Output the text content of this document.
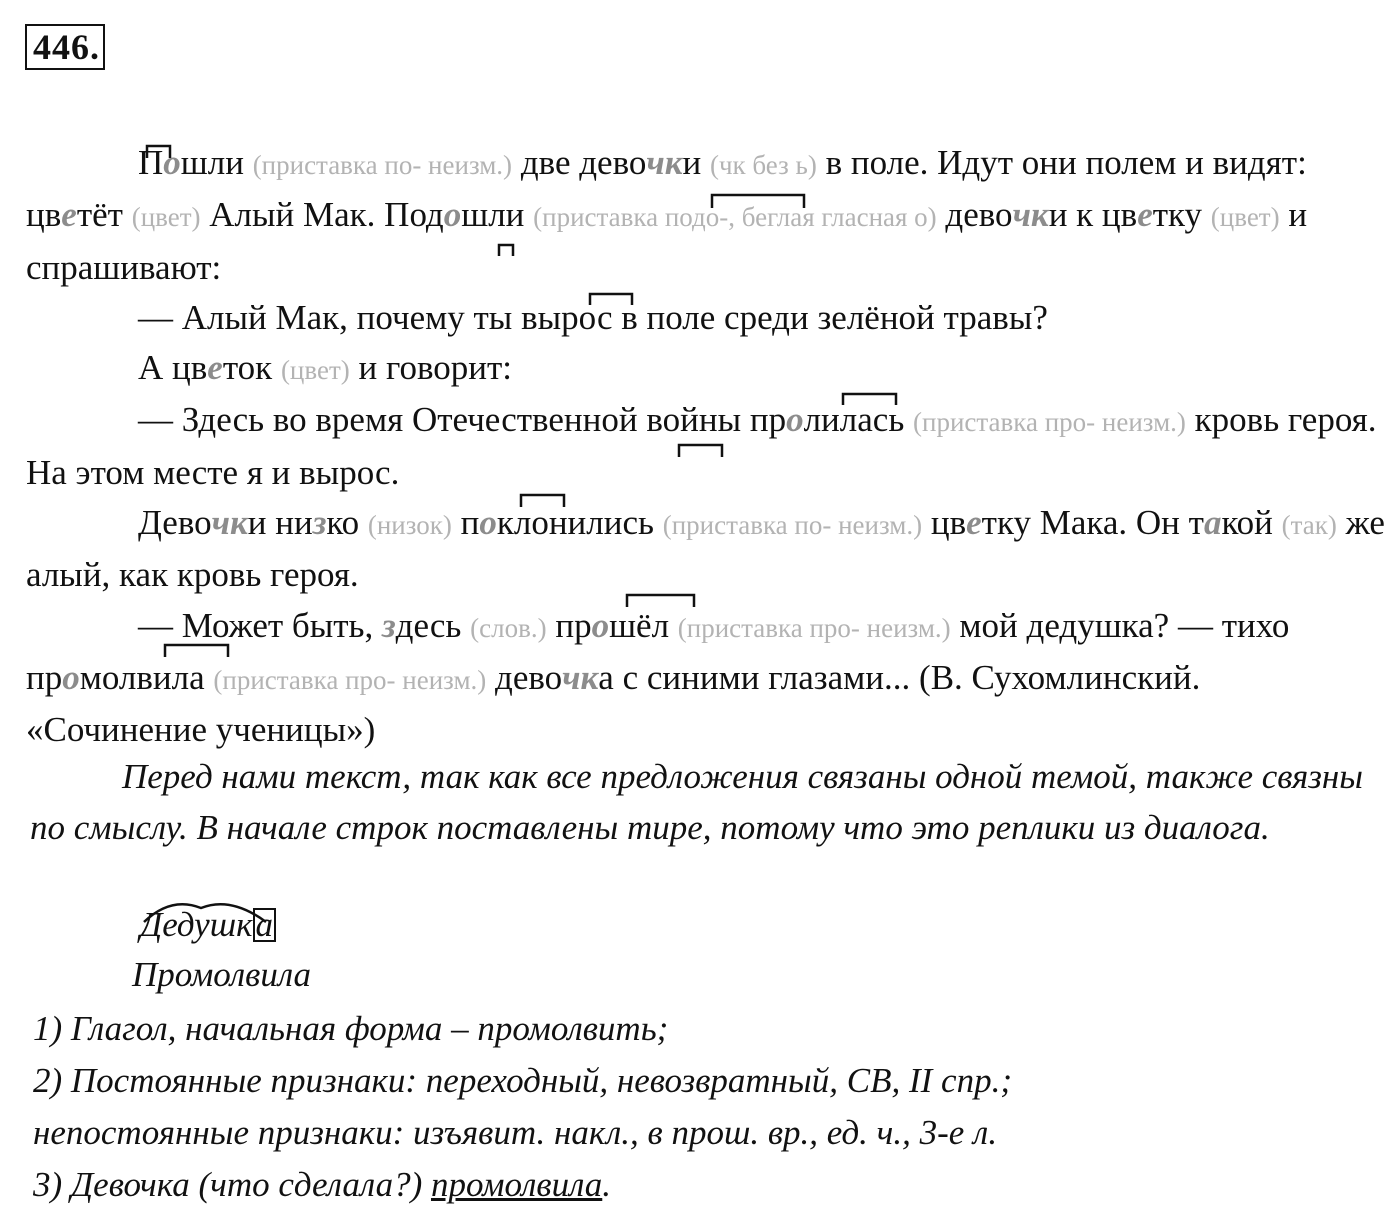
446.

Пошли (приставка по- неизм.) две девочки (чк без ь) в поле. Идут они полем и видят: цветёт (цвет) Алый Мак. Подошли (приставка подо-, беглая гласная о) девочки к цветку (цвет) и спрашивают:

— Алый Мак, почему ты вырос в поле среди зелёной травы?

А цветок (цвет) и говорит:

— Здесь во время Отечественной войны пролилась (приставка про- неизм.) кровь героя. На этом месте я и вырос.

Девочки низко (низок) поклонились (приставка по- неизм.) цветку Мака. Он такой (так) же алый, как кровь героя.

— Может быть, здесь (слов.) прошёл (приставка про- неизм.) мой дедушка? — тихо промолвила (приставка про- неизм.) девочка с синими глазами... (В. Сухомлинский. «Сочинение ученицы»)

Перед нами текст, так как все предложения связаны одной темой, также связны по смыслу. В начале строк поставлены тире, потому что это реплики из диалога.

Дедушка
Промолвила

1) Глагол, начальная форма – промолвить;

2) Постоянные признаки: переходный, невозвратный, СВ, II спр.;

непостоянные признаки: изъявит. накл., в прош. вр., ед. ч., 3-е л.

3) Девочка (что сделала?) промолвила.
